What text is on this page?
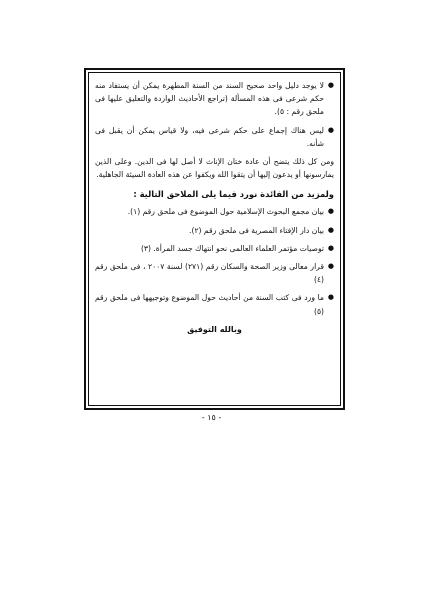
●
لا يوجد دليل واحد صحيح السند من السنة المطهرة يمكن أن يستفاد منه حكم شرعى فى هذه المسألة (تراجع الأحاديث الواردة والتعليق عليها فى ملحق رقم : ٥).
●
ليس هناك إجماع على حكم شرعى فيه، ولا قياس يمكن أن يقبل فى شأنه.

ومن كل ذلك يتضح أن عادة ختان الإناث لا أصل لها فى الدين. وعلى الذين يمارسونها أو يدعون إليها أن يتقوا الله ويكفوا عن هذه العادة السيئة الجاهلية.

ولمزيد من الفائدة نورد فيما يلى الملاحق التالية :
●
بيان مجمع البحوث الإسلامية حول الموضوع فى ملحق رقم (١).
●
بيان دار الإفتاء المصرية فى ملحق رقم (٢).
●
توصيات مؤتمر العلماء العالمى نحو انتهاك جسد المرأة. (٣)
●
قرار معالى وزير الصحة والسكان رقم (٢٧١) لسنة ٢٠٠٧ ، فى ملحق رقم (٤)
●
ما ورد فى كتب السنة من أحاديث حول الموضوع وتوجيهها فى ملحق رقم (٥)
وبالله التوفيق
- ١٥ -
